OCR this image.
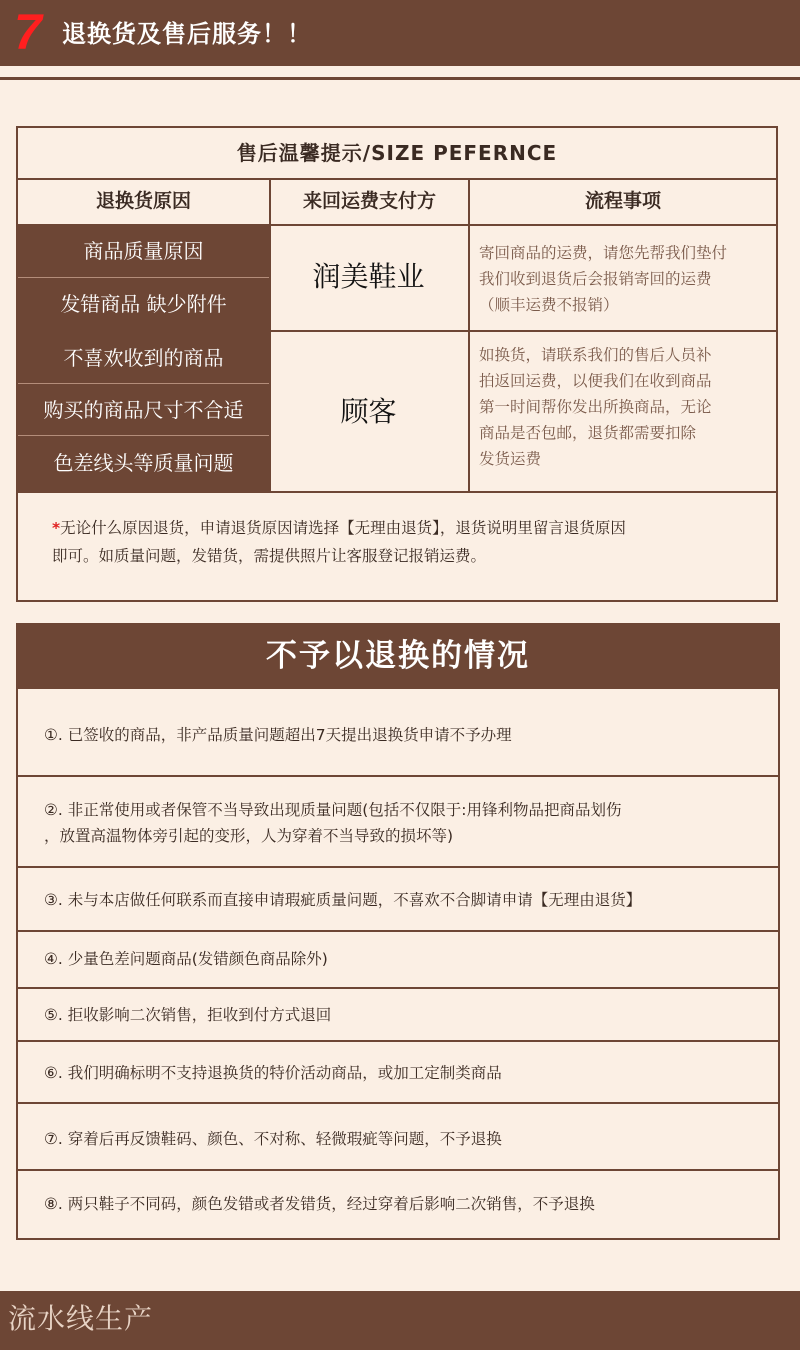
7 退换货及售后服务！！
售后温馨提示/SIZE PEFERNCE
退换货原因	来回运费支付方	流程事项
商品质量原因
发错商品 缺少附件
润美鞋业
寄回商品的运费，请您先帮我们垫付
我们收到退货后会报销寄回的运费
（顺丰运费不报销）
不喜欢收到的商品
购买的商品尺寸不合适
色差线头等质量问题
顾客
如换货，请联系我们的售后人员补
拍返回运费，以便我们在收到商品
第一时间帮你发出所换商品，无论
商品是否包邮，退货都需要扣除
发货运费
*无论什么原因退货，申请退货原因请选择【无理由退货】，退货说明里留言退货原因
即可。如质量问题，发错货，需提供照片让客服登记报销运费。
不予以退换的情况
①. 已签收的商品，非产品质量问题超出7天提出退换货申请不予办理
②. 非正常使用或者保管不当导致出现质量问题(包括不仅限于:用锋利物品把商品划伤
，放置高温物体旁引起的变形，人为穿着不当导致的损坏等)
③. 未与本店做任何联系而直接申请瑕疵质量问题，不喜欢不合脚请申请【无理由退货】
④. 少量色差问题商品(发错颜色商品除外)
⑤. 拒收影响二次销售，拒收到付方式退回
⑥. 我们明确标明不支持退换货的特价活动商品，或加工定制类商品
⑦. 穿着后再反馈鞋码、颜色、不对称、轻微瑕疵等问题，不予退换
⑧. 两只鞋子不同码，颜色发错或者发错货，经过穿着后影响二次销售，不予退换
流水线生产
